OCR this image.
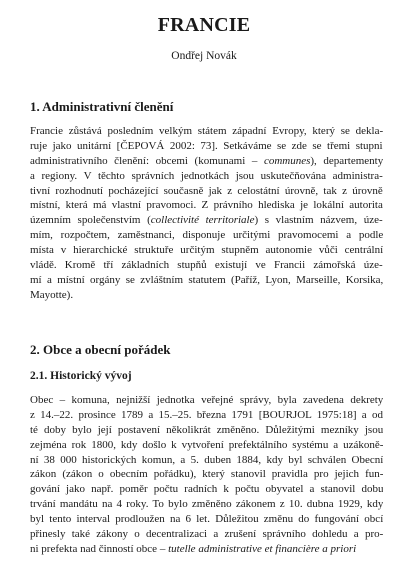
FRANCIE
Ondřej Novák
1. Administrativní členění
Francie zůstává posledním velkým státem západní Evropy, který se dekla-
ruje jako unitární [ČEPOVÁ 2002: 73]. Setkáváme se zde se třemi stupni
administrativního členění: obcemi (komunami – communes), departementy
a regiony. V těchto správních jednotkách jsou uskutečňována administra-
tivní rozhodnutí pocházející současně jak z celostátní úrovně, tak z úrovně
místní, která má vlastní pravomoci. Z právního hlediska je lokální autorita
územním společenstvím (collectivité territoriale) s vlastním názvem, úze-
mím, rozpočtem, zaměstnanci, disponuje určitými pravomocemi a podle
místa v hierarchické struktuře určitým stupněm autonomie vůči centrální
vládě. Kromě tří základních stupňů existují ve Francii zámořská úze-
mí a místní orgány se zvláštním statutem (Paříž, Lyon, Marseille, Korsika,
Mayotte).
2. Obce a obecní pořádek
2.1. Historický vývoj
Obec – komuna, nejnižší jednotka veřejné správy, byla zavedena dekrety
z 14.–22. prosince 1789 a 15.–25. března 1791 [BOURJOL 1975:18] a od
té doby bylo její postavení několikrát změněno. Důležitými mezníky jsou
zejména rok 1800, kdy došlo k vytvoření prefektálního systému a uzákoně-
ní 38 000 historických komun, a 5. duben 1884, kdy byl schválen Obecní
zákon (zákon o obecním pořádku), který stanovil pravidla pro jejich fun-
gování jako např. poměr počtu radních k počtu obyvatel a stanovil dobu
trvání mandátu na 4 roky. To bylo změněno zákonem z 10. dubna 1929, kdy
byl tento interval prodloužen na 6 let. Důležitou změnu do fungování obcí
přinesly také zákony o decentralizaci a zrušení správního dohledu a pro-
ni prefekta nad činností obce – tutelle administrative et financière a priori
